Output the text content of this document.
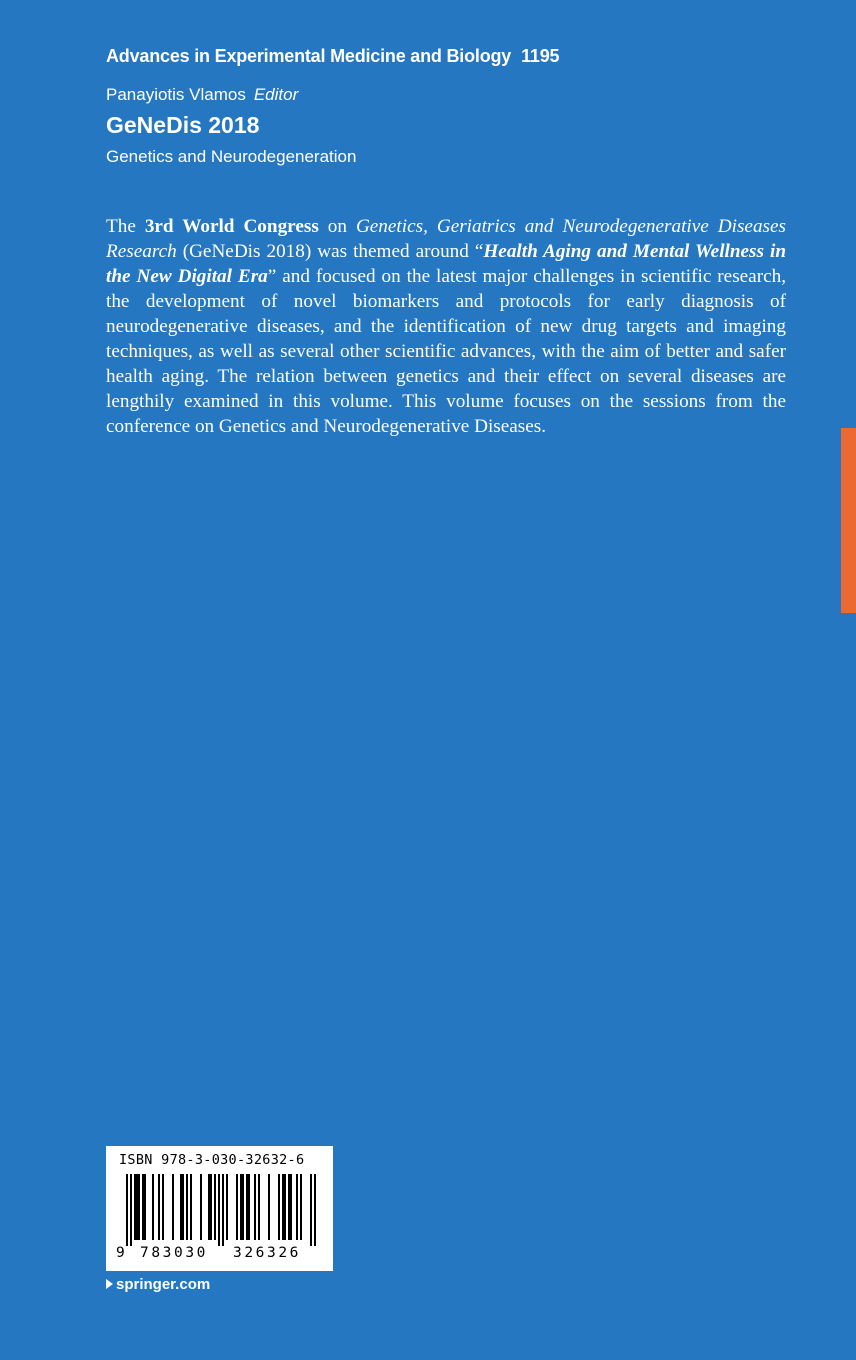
Advances in Experimental Medicine and Biology 1195
Panayiotis Vlamos Editor
GeNeDis 2018
Genetics and Neurodegeneration

The 3rd World Congress on Genetics, Geriatrics and Neurodegenerative Diseases Research (GeNeDis 2018) was themed around “Health Aging and Mental Wellness in the New Digital Era” and focused on the latest major challenges in scientific research, the development of novel biomarkers and protocols for early diagnosis of neurodegenerative diseases, and the identification of new drug targets and imaging techniques, as well as several other scientific advances, with the aim of better and safer health aging. The relation between genetics and their effect on several diseases are lengthily examined in this volume. This volume focuses on the sessions from the conference on Genetics and Neurodegenerative Diseases.

ISBN 978-3-030-32632-6
9 783030 326326
springer.com
